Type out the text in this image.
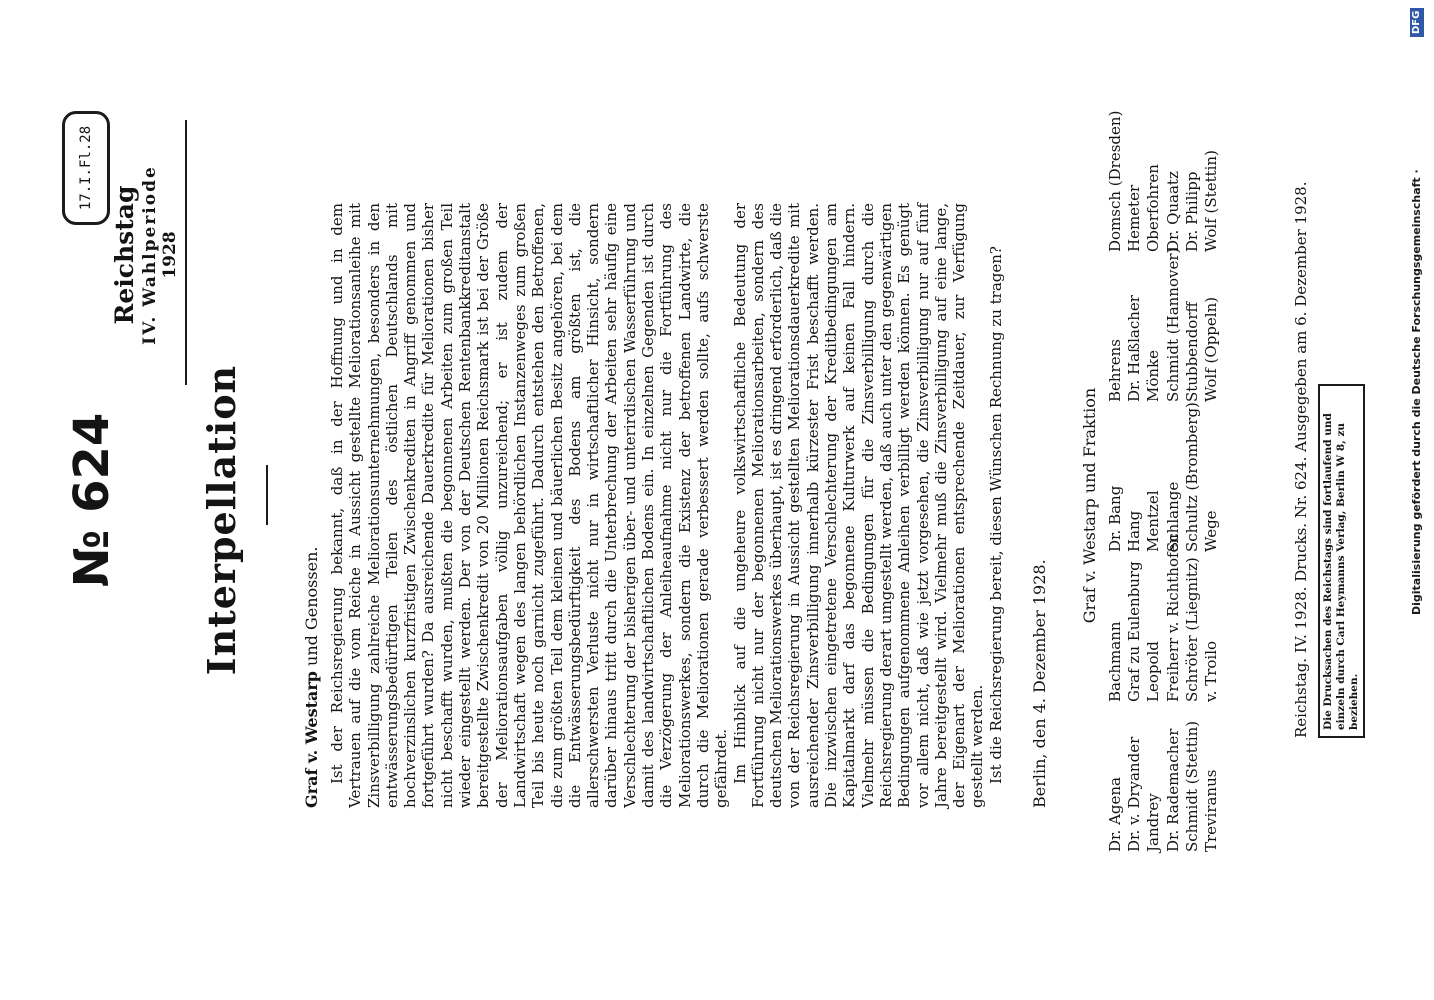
17.I.Fl.28
№ 624
Reichstag IV. Wahlperiode 1928
Interpellation
Graf v. Westarp und Genossen. Ist der Reichsregierung bekannt, daß in der Hoffnung und in dem Vertrauen auf die vom Reiche in Aussicht gestellte Meliorationsanleihe mit Zinsverbilligung zahlreiche Meliorationsunternehmungen, besonders in den entwässerungsbedürftigen Teilen des östlichen Deutschlands mit hochverzinslichen kurzfristigen Zwischenkrediten in Angriff genommen und fortgeführt wurden? Da ausreichende Dauerkredite für Meliorationen bisher nicht beschafft wurden, mußten die begonnenen Arbeiten zum großen Teil wieder eingestellt werden. Der von der Deutschen Rentenbankkreditanstalt bereitgestellte Zwischenkredit von 20 Millionen Reichsmark ist bei der Größe der Meliorationsaufgaben völlig unzureichend; er ist zudem der Landwirtschaft wegen des langen behördlichen Instanzenweges zum großen Teil bis heute noch garnicht zugeführt. Dadurch entstehen den Betroffenen, die zum größten Teil dem kleinen und bäuerlichen Besitz angehören, bei dem die Entwässerungsbedürftigkeit des Bodens am größten ist, die allerschwersten Verluste nicht nur in wirtschaftlicher Hinsicht, sondern darüber hinaus tritt durch die Unterbrechung der Arbeiten sehr häufig eine Verschlechterung der bisherigen über- und unterirdischen Wasserführung und damit des landwirtschaftlichen Bodens ein. In einzelnen Gegenden ist durch die Verzögerung der Anleiheaufnahme nicht nur die Fortführung des Meliorationswerkes, sondern die Existenz der betroffenen Landwirte, die durch die Meliorationen gerade verbessert werden sollte, aufs schwerste gefährdet. Im Hinblick auf die ungeheure volkswirtschaftliche Bedeutung der Fortführung nicht nur der begonnenen Meliorationsarbeiten, sondern des deutschen Meliorationswerkes überhaupt, ist es dringend erforderlich, daß die von der Reichsregierung in Aussicht gestellten Meliorationsdauerkredite mit ausreichender Zinsverbilligung innerhalb kürzester Frist beschafft werden. Die inzwischen eingetretene Verschlechterung der Kreditbedingungen am Kapitalmarkt darf das begonnene Kulturwerk auf keinen Fall hindern. Vielmehr müssen die Bedingungen für die Zinsverbilligung durch die Reichsregierung derart umgestellt werden, daß auch unter den gegenwärtigen Bedingungen aufgenommene Anleihen verbilligt werden können. Es genügt vor allem nicht, daß wie jetzt vorgesehen, die Zinsverbilligung nur auf fünf Jahre bereitgestellt wird. Vielmehr muß die Zinsverbilligung auf eine lange, der Eigenart der Meliorationen entsprechende Zeitdauer, zur Verfügung gestellt werden. Ist die Reichsregierung bereit, diesen Wünschen Rechnung zu tragen? Berlin, den 4. Dezember 1928.
Graf v. Westarp und Fraktion
Dr. Agena
Bachmann
Dr. Bang
Behrens
Domsch (Dresden)
Dr. v. Dryander
Graf zu Eulenburg
Hang
Dr. Haßlacher
Hemeter
Jandrey
Leopold
Mentzel
Mönke
Oberfohren
Dr. Rademacher
Freiherr v. Richthofen
Schlange
Schmidt (Hannover)
Dr. Quaatz
Schmidt (Stettin)
Schröter (Liegnitz)
Schultz (Bromberg)
Stubbendorff
Dr. Philipp
Treviranus
v. Troilo
Wege
Wolf (Oppeln)
Wolf (Stettin)	Reichstag. IV. 1928. Drucks. Nr. 624. Ausgegeben am 6. Dezember 1928.	Die Drucksachen des Reichstags sind fortlaufend und einzeln durch Carl Heymanns Verlag, Berlin W 8, zu beziehen.
Digitalisierung gefördert durch die Deutsche Forschungsgemeinschaft ·
DFG
